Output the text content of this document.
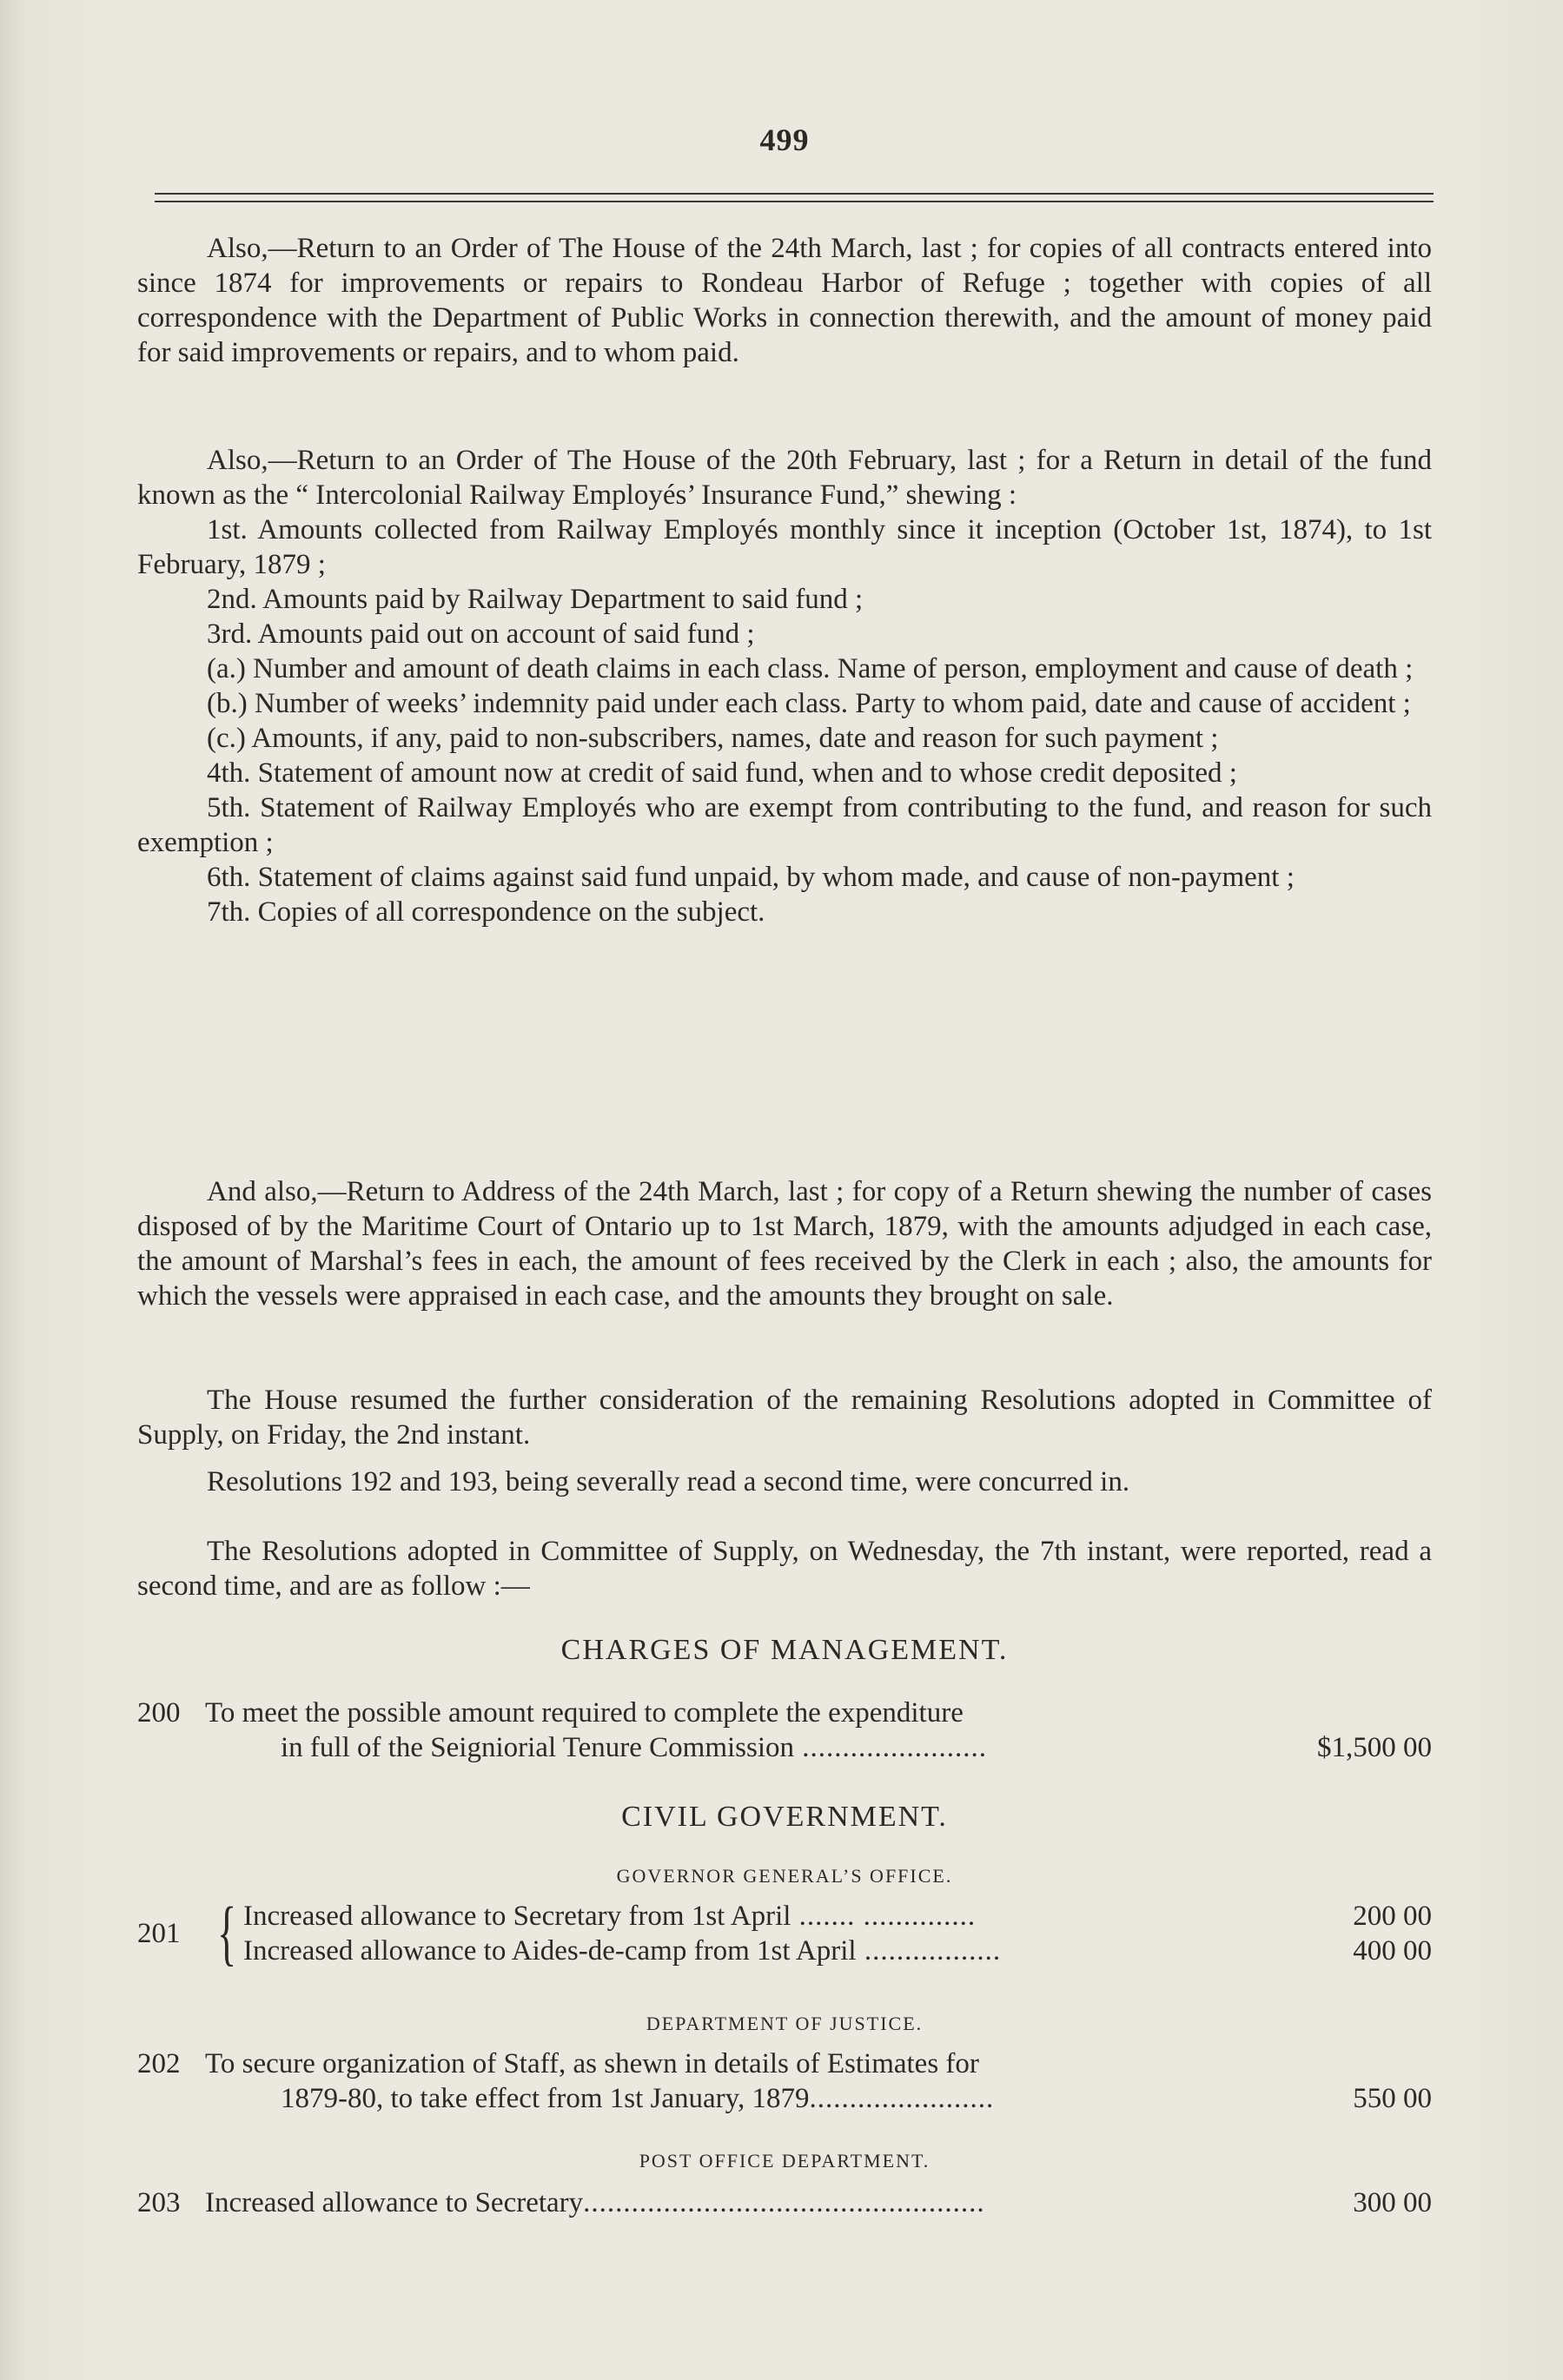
499

Also,—Return to an Order of The House of the 24th March, last ; for copies of all contracts entered into since 1874 for improvements or repairs to Rondeau Harbor of Refuge ; together with copies of all correspondence with the Department of Public Works in connection therewith, and the amount of money paid for said improvements or repairs, and to whom paid.

Also,—Return to an Order of The House of the 20th February, last ; for a Return in detail of the fund known as the “ Intercolonial Railway Employés’ Insurance Fund,” shewing :

1st. Amounts collected from Railway Employés monthly since it inception (October 1st, 1874), to 1st February, 1879 ;

2nd. Amounts paid by Railway Department to said fund ;

3rd. Amounts paid out on account of said fund ;

(a.) Number and amount of death claims in each class. Name of person, employment and cause of death ;

(b.) Number of weeks’ indemnity paid under each class. Party to whom paid, date and cause of accident ;

(c.) Amounts, if any, paid to non-subscribers, names, date and reason for such payment ;

4th. Statement of amount now at credit of said fund, when and to whose credit deposited ;

5th. Statement of Railway Employés who are exempt from contributing to the fund, and reason for such exemption ;

6th. Statement of claims against said fund unpaid, by whom made, and cause of non-payment ;

7th. Copies of all correspondence on the subject.

And also,—Return to Address of the 24th March, last ; for copy of a Return shewing the number of cases disposed of by the Maritime Court of Ontario up to 1st March, 1879, with the amounts adjudged in each case, the amount of Marshal’s fees in each, the amount of fees received by the Clerk in each ; also, the amounts for which the vessels were appraised in each case, and the amounts they brought on sale.

The House resumed the further consideration of the remaining Resolutions adopted in Committee of Supply, on Friday, the 2nd instant.

Resolutions 192 and 193, being severally read a second time, were concurred in.

The Resolutions adopted in Committee of Supply, on Wednesday, the 7th instant, were reported, read a second time, and are as follow :—

CHARGES OF MANAGEMENT.

200 To meet the possible amount required to complete the expenditure
in full of the Seigniorial Tenure Commission .......................	$1,500 00

CIVIL GOVERNMENT.

GOVERNOR GENERAL’S OFFICE.

201 { Increased allowance to Secretary from 1st April ....... ..............	200 00
Increased allowance to Aides-de-camp from 1st April .................	400 00

DEPARTMENT OF JUSTICE.

202 To secure organization of Staff, as shewn in details of Estimates for
1879-80, to take effect from 1st January, 1879.......................	550 00

POST OFFICE DEPARTMENT.

203 Increased allowance to Secretary..................................................	300 00
